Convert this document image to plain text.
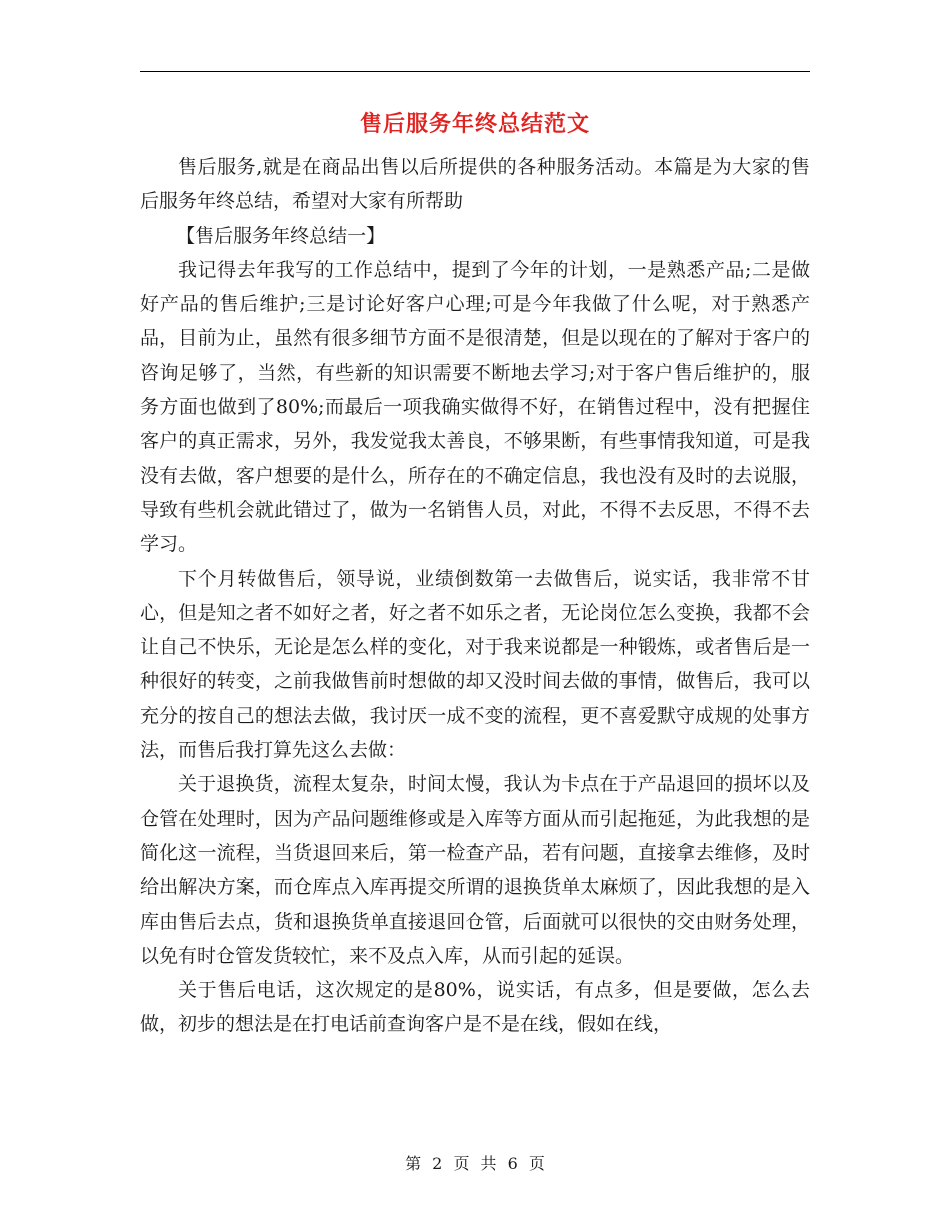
售后服务年终总结范文

售后服务,就是在商品出售以后所提供的各种服务活动。本篇是为大家的售后服务年终总结，希望对大家有所帮助

【售后服务年终总结一】

我记得去年我写的工作总结中，提到了今年的计划，一是熟悉产品;二是做好产品的售后维护;三是讨论好客户心理;可是今年我做了什么呢，对于熟悉产品，目前为止，虽然有很多细节方面不是很清楚，但是以现在的了解对于客户的咨询足够了，当然，有些新的知识需要不断地去学习;对于客户售后维护的，服务方面也做到了80%;而最后一项我确实做得不好，在销售过程中，没有把握住客户的真正需求，另外，我发觉我太善良，不够果断，有些事情我知道，可是我没有去做，客户想要的是什么，所存在的不确定信息，我也没有及时的去说服，导致有些机会就此错过了，做为一名销售人员，对此，不得不去反思，不得不去学习。

下个月转做售后，领导说，业绩倒数第一去做售后，说实话，我非常不甘心，但是知之者不如好之者，好之者不如乐之者，无论岗位怎么变换，我都不会让自己不快乐，无论是怎么样的变化，对于我来说都是一种锻炼，或者售后是一种很好的转变，之前我做售前时想做的却又没时间去做的事情，做售后，我可以充分的按自己的想法去做，我讨厌一成不变的流程，更不喜爱默守成规的处事方法，而售后我打算先这么去做：

关于退换货，流程太复杂，时间太慢，我认为卡点在于产品退回的损坏以及仓管在处理时，因为产品问题维修或是入库等方面从而引起拖延，为此我想的是简化这一流程，当货退回来后，第一检查产品，若有问题，直接拿去维修，及时给出解决方案，而仓库点入库再提交所谓的退换货单太麻烦了，因此我想的是入库由售后去点，货和退换货单直接退回仓管，后面就可以很快的交由财务处理，以免有时仓管发货较忙，来不及点入库，从而引起的延误。

关于售后电话，这次规定的是80%，说实话，有点多，但是要做，怎么去做，初步的想法是在打电话前查询客户是不是在线，假如在线，

第 2 页 共 6 页
